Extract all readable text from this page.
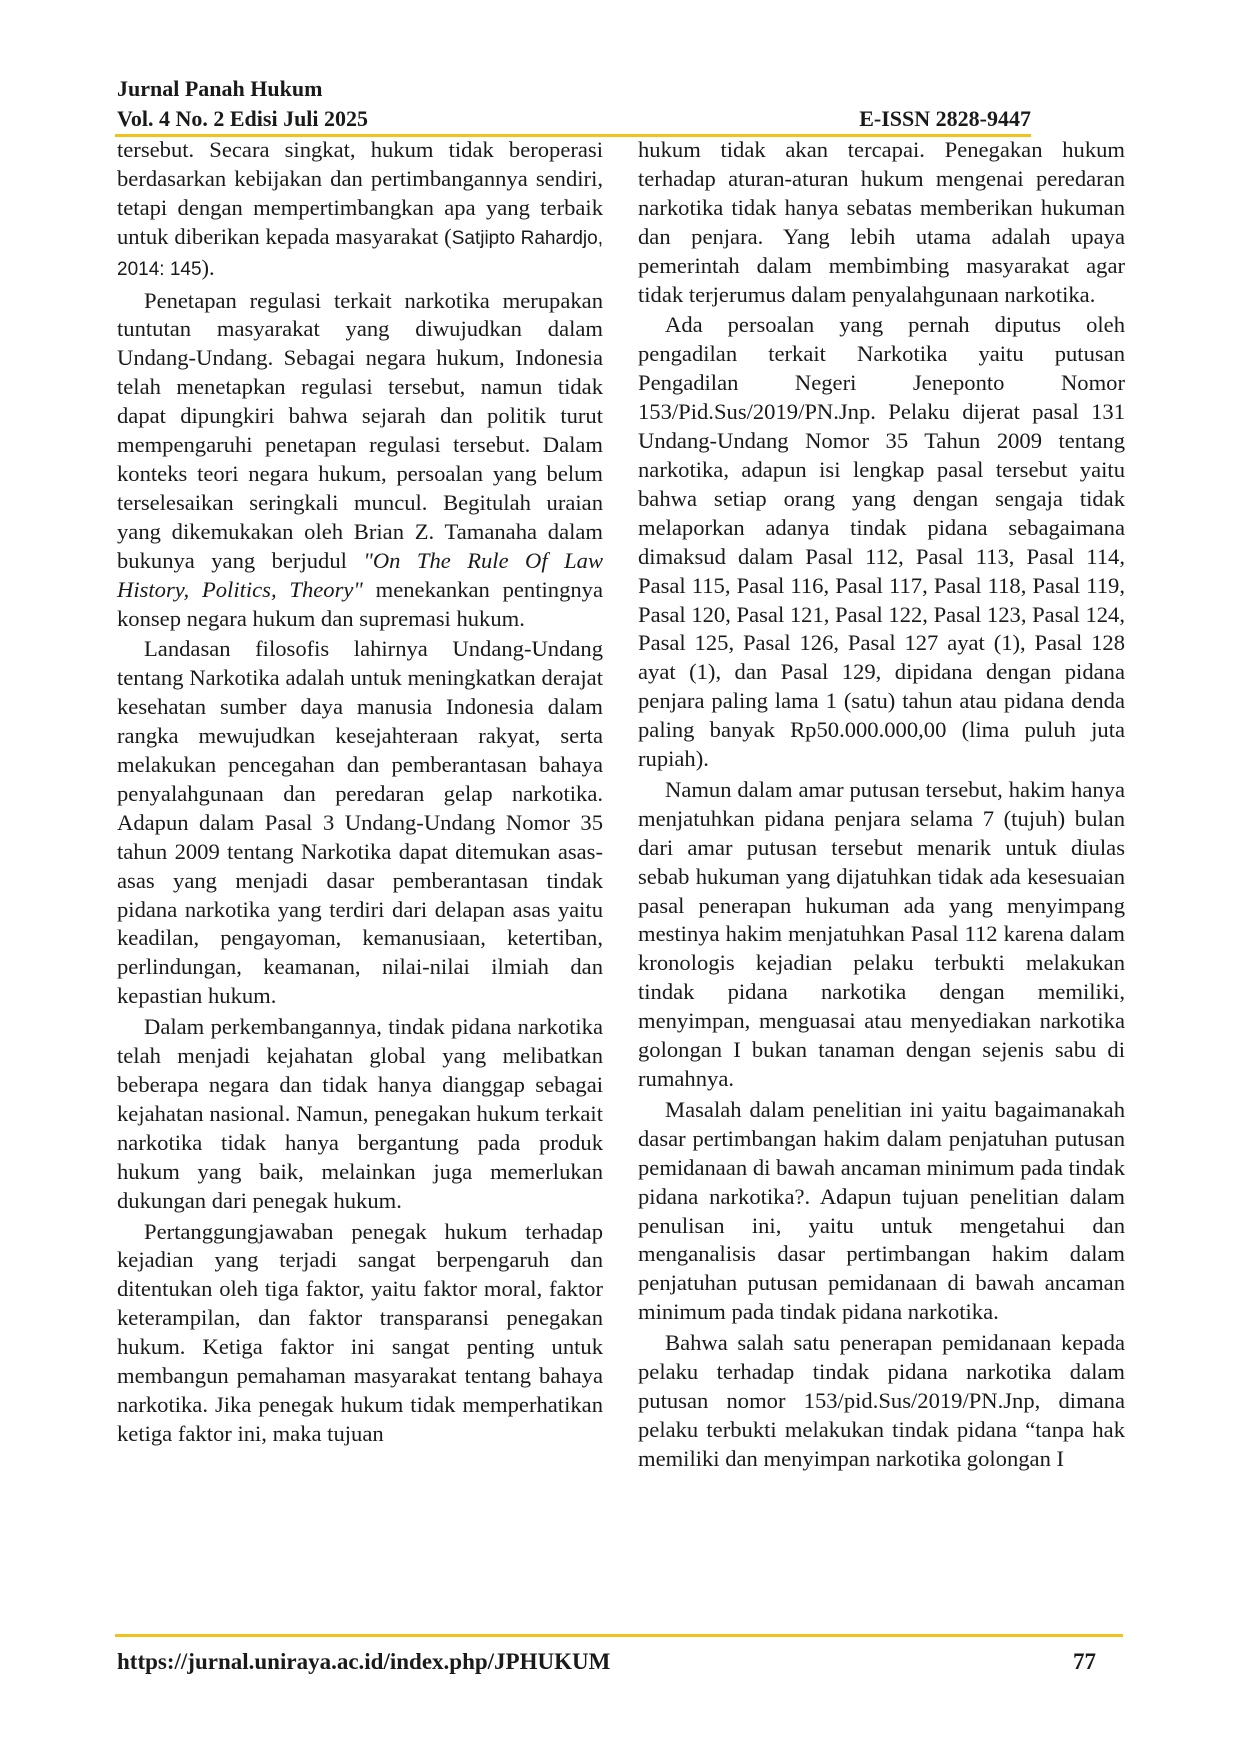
Jurnal Panah Hukum
Vol. 4 No. 2 Edisi Juli 2025	E-ISSN 2828-9447

tersebut. Secara singkat, hukum tidak beroperasi berdasarkan kebijakan dan pertimbangannya sendiri, tetapi dengan mempertimbangkan apa yang terbaik untuk diberikan kepada masyarakat (Satjipto Rahardjo, 2014: 145).

Penetapan regulasi terkait narkotika merupakan tuntutan masyarakat yang diwujudkan dalam Undang-Undang. Sebagai negara hukum, Indonesia telah menetapkan regulasi tersebut, namun tidak dapat dipungkiri bahwa sejarah dan politik turut mempengaruhi penetapan regulasi tersebut. Dalam konteks teori negara hukum, persoalan yang belum terselesaikan seringkali muncul. Begitulah uraian yang dikemukakan oleh Brian Z. Tamanaha dalam bukunya yang berjudul "On The Rule Of Law History, Politics, Theory" menekankan pentingnya konsep negara hukum dan supremasi hukum.

Landasan filosofis lahirnya Undang-Undang tentang Narkotika adalah untuk meningkatkan derajat kesehatan sumber daya manusia Indonesia dalam rangka mewujudkan kesejahteraan rakyat, serta melakukan pencegahan dan pemberantasan bahaya penyalahgunaan dan peredaran gelap narkotika. Adapun dalam Pasal 3 Undang-Undang Nomor 35 tahun 2009 tentang Narkotika dapat ditemukan asas-asas yang menjadi dasar pemberantasan tindak pidana narkotika yang terdiri dari delapan asas yaitu keadilan, pengayoman, kemanusiaan, ketertiban, perlindungan, keamanan, nilai-nilai ilmiah dan kepastian hukum.

Dalam perkembangannya, tindak pidana narkotika telah menjadi kejahatan global yang melibatkan beberapa negara dan tidak hanya dianggap sebagai kejahatan nasional. Namun, penegakan hukum terkait narkotika tidak hanya bergantung pada produk hukum yang baik, melainkan juga memerlukan dukungan dari penegak hukum.

Pertanggungjawaban penegak hukum terhadap kejadian yang terjadi sangat berpengaruh dan ditentukan oleh tiga faktor, yaitu faktor moral, faktor keterampilan, dan faktor transparansi penegakan hukum. Ketiga faktor ini sangat penting untuk membangun pemahaman masyarakat tentang bahaya narkotika. Jika penegak hukum tidak memperhatikan ketiga faktor ini, maka tujuan

hukum tidak akan tercapai. Penegakan hukum terhadap aturan-aturan hukum mengenai peredaran narkotika tidak hanya sebatas memberikan hukuman dan penjara. Yang lebih utama adalah upaya pemerintah dalam membimbing masyarakat agar tidak terjerumus dalam penyalahgunaan narkotika.

Ada persoalan yang pernah diputus oleh pengadilan terkait Narkotika yaitu putusan Pengadilan Negeri Jeneponto Nomor 153/Pid.Sus/2019/PN.Jnp. Pelaku dijerat pasal 131 Undang-Undang Nomor 35 Tahun 2009 tentang narkotika, adapun isi lengkap pasal tersebut yaitu bahwa setiap orang yang dengan sengaja tidak melaporkan adanya tindak pidana sebagaimana dimaksud dalam Pasal 112, Pasal 113, Pasal 114, Pasal 115, Pasal 116, Pasal 117, Pasal 118, Pasal 119, Pasal 120, Pasal 121, Pasal 122, Pasal 123, Pasal 124, Pasal 125, Pasal 126, Pasal 127 ayat (1), Pasal 128 ayat (1), dan Pasal 129, dipidana dengan pidana penjara paling lama 1 (satu) tahun atau pidana denda paling banyak Rp50.000.000,00 (lima puluh juta rupiah).

Namun dalam amar putusan tersebut, hakim hanya menjatuhkan pidana penjara selama 7 (tujuh) bulan dari amar putusan tersebut menarik untuk diulas sebab hukuman yang dijatuhkan tidak ada kesesuaian pasal penerapan hukuman ada yang menyimpang mestinya hakim menjatuhkan Pasal 112 karena dalam kronologis kejadian pelaku terbukti melakukan tindak pidana narkotika dengan memiliki, menyimpan, menguasai atau menyediakan narkotika golongan I bukan tanaman dengan sejenis sabu di rumahnya.

Masalah dalam penelitian ini yaitu bagaimanakah dasar pertimbangan hakim dalam penjatuhan putusan pemidanaan di bawah ancaman minimum pada tindak pidana narkotika?. Adapun tujuan penelitian dalam penulisan ini, yaitu untuk mengetahui dan menganalisis dasar pertimbangan hakim dalam penjatuhan putusan pemidanaan di bawah ancaman minimum pada tindak pidana narkotika.

Bahwa salah satu penerapan pemidanaan kepada pelaku terhadap tindak pidana narkotika dalam putusan nomor 153/pid.Sus/2019/PN.Jnp, dimana pelaku terbukti melakukan tindak pidana “tanpa hak memiliki dan menyimpan narkotika golongan I

https://jurnal.uniraya.ac.id/index.php/JPHUKUM	77
